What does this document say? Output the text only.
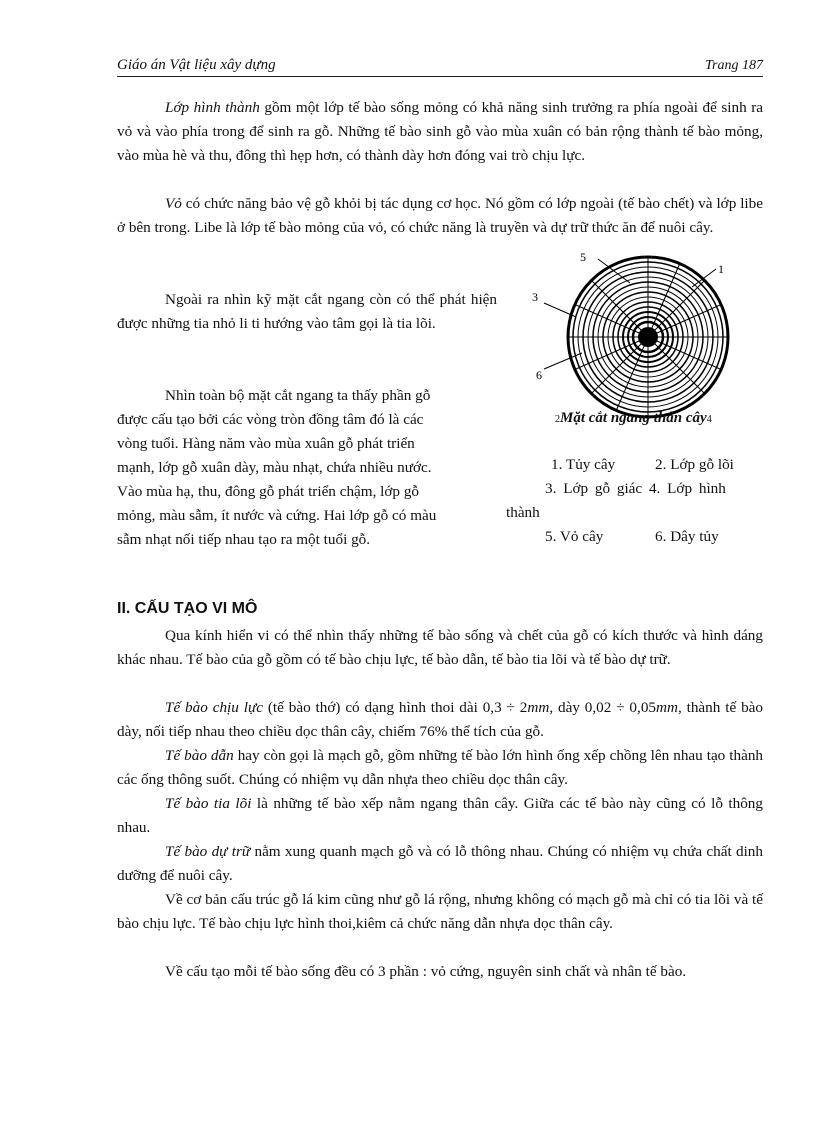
Giáo án Vật liệu xây dựng	Trang 187

Lớp hình thành gồm một lớp tế bào sống mỏng có khả năng sinh trưởng ra phía ngoài để sinh ra vỏ và vào phía trong để sinh ra gỗ. Những tế bào sinh gỗ vào mùa xuân có bản rộng thành tế bào mỏng, vào mùa hè và thu, đông thì hẹp hơn, có thành dày hơn đóng vai trò chịu lực.

Vỏ có chức năng bảo vệ gỗ khỏi bị tác dụng cơ học. Nó gồm có lớp ngoài (tế bào chết) và lớp libe ở bên trong. Libe là lớp tế bào mỏng của vỏ, có chức năng là truyền và dự trữ thức ăn để nuôi cây.

Ngoài ra nhìn kỹ mặt cắt ngang còn có thể phát hiện được những tia nhỏ li ti hướng vào tâm gọi là tia lõi.

Nhìn toàn bộ mặt cắt ngang ta thấy phần gỗ
được cấu tạo bởi các vòng tròn đồng tâm đó là các
vòng tuổi. Hàng năm vào mùa xuân gỗ phát triển
mạnh, lớp gỗ xuân dày, màu nhạt, chứa nhiều nước.
Vào mùa hạ, thu, đông gỗ phát triển chậm, lớp gỗ
mỏng, màu sẫm, ít nước và cứng. Hai lớp gỗ có màu
sẫm nhạt nối tiếp nhau tạo ra một tuổi gỗ.
5
1
3
6
2Mặt cắt ngang thân cây4
1. Tủy cây	2. Lớp gỗ lõi
3. Lớp gỗ giác 4. Lớp hình
thành
5. Vỏ cây	6. Dây tủy
II. CẤU TẠO VI MÔ

Qua kính hiển vi có thể nhìn thấy những tế bào sống và chết của gỗ có kích thước và hình dáng khác nhau. Tế bào của gỗ gồm có tế bào chịu lực, tế bào dẫn, tế bào tia lõi và tế bào dự trữ.

Tế bào chịu lực (tế bào thớ) có dạng hình thoi dài 0,3 ÷ 2mm, dày 0,02 ÷ 0,05mm, thành tế bào dày, nối tiếp nhau theo chiều dọc thân cây, chiếm 76% thể tích của gỗ.

Tế bào dẫn hay còn gọi là mạch gỗ, gồm những tế bào lớn hình ống xếp chồng lên nhau tạo thành các ống thông suốt. Chúng có nhiệm vụ dẫn nhựa theo chiều dọc thân cây.

Tế bào tia lõi là những tế bào xếp nằm ngang thân cây. Giữa các tế bào này cũng có lỗ thông nhau.

Tế bào dự trữ nằm xung quanh mạch gỗ và có lỗ thông nhau. Chúng có nhiệm vụ chứa chất dinh dưỡng để nuôi cây.

Về cơ bản cấu trúc gỗ lá kim cũng như gỗ lá rộng, nhưng không có mạch gỗ mà chỉ có tia lõi và tế bào chịu lực. Tế bào chịu lực hình thoi,kiêm cả chức năng dẫn nhựa dọc thân cây.

Về cấu tạo mỗi tế bào sống đều có 3 phần : vỏ cứng, nguyên sinh chất và nhân tế bào.
